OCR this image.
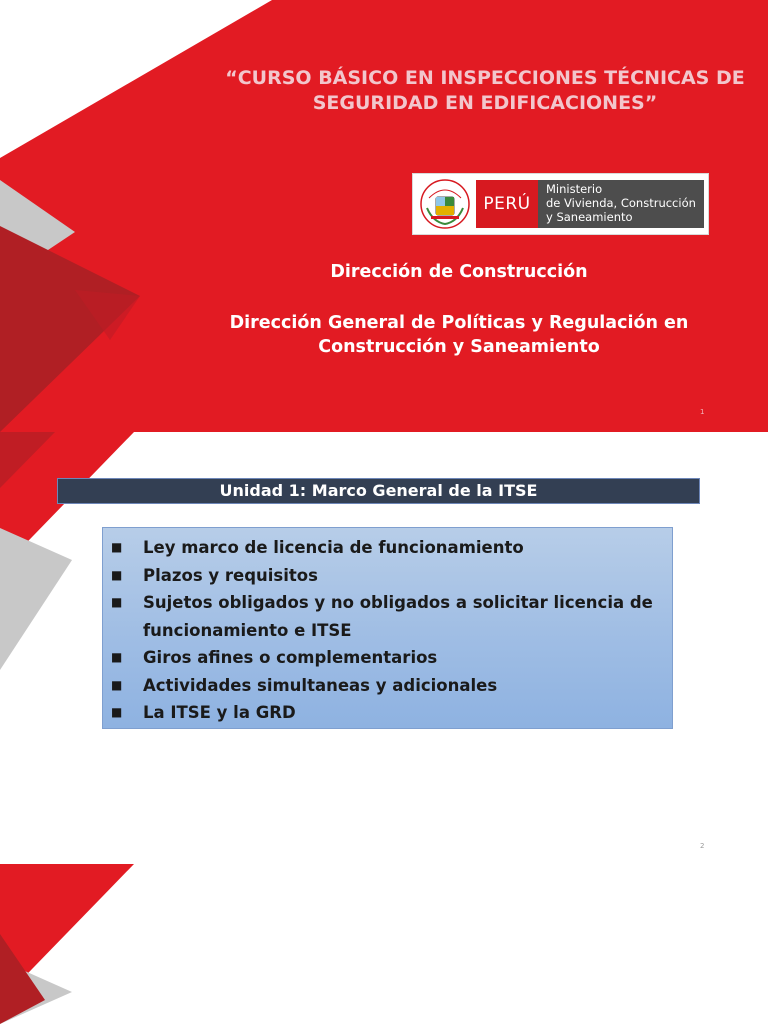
“CURSO BÁSICO EN INSPECCIONES TÉCNICAS DE SEGURIDAD EN EDIFICACIONES”
PERÚ
Ministerio
de Vivienda, Construcción
y Saneamiento

Dirección de Construcción

Dirección General de Políticas y Regulación en Construcción y Saneamiento

1
Unidad 1: Marco General de la ITSE
■ Ley marco de licencia de funcionamiento
■ Plazos y requisitos
■ Sujetos obligados y no obligados a solicitar licencia de funcionamiento e ITSE
■ Giros afines o complementarios
■ Actividades simultaneas y adicionales
■ La ITSE y la GRD
2
